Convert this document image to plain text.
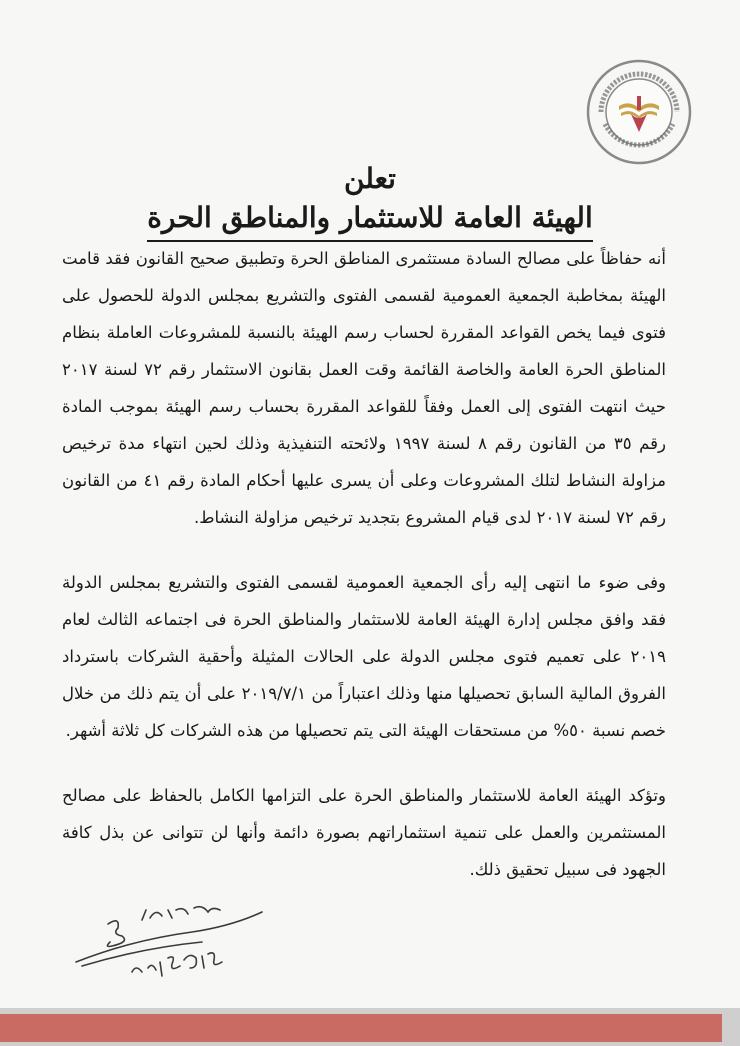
تعلن
الهيئة العامة للاستثمار والمناطق الحرة

أنه حفاظاً على مصالح السادة مستثمرى المناطق الحرة وتطبيق صحيح القانون فقد قامت الهيئة بمخاطبة الجمعية العمومية لقسمى الفتوى والتشريع بمجلس الدولة للحصول على فتوى فيما يخص القواعد المقررة لحساب رسم الهيئة بالنسبة للمشروعات العاملة بنظام المناطق الحرة العامة والخاصة القائمة وقت العمل بقانون الاستثمار رقم ٧٢ لسنة ٢٠١٧ حيث انتهت الفتوى إلى العمل وفقاً للقواعد المقررة بحساب رسم الهيئة بموجب المادة رقم ٣٥ من القانون رقم ٨ لسنة ١٩٩٧ ولائحته التنفيذية وذلك لحين انتهاء مدة ترخيص مزاولة النشاط لتلك المشروعات وعلى أن يسرى عليها أحكام المادة رقم ٤١ من القانون رقم ٧٢ لسنة ٢٠١٧ لدى قيام المشروع بتجديد ترخيص مزاولة النشاط.

وفى ضوء ما انتهى إليه رأى الجمعية العمومية لقسمى الفتوى والتشريع بمجلس الدولة فقد وافق مجلس إدارة الهيئة العامة للاستثمار والمناطق الحرة فى اجتماعه الثالث لعام ٢٠١٩ على تعميم فتوى مجلس الدولة على الحالات المثيلة وأحقية الشركات باسترداد الفروق المالية السابق تحصيلها منها وذلك اعتباراً من ٢٠١٩/٧/١ على أن يتم ذلك من خلال خصم نسبة ٥٠% من مستحقات الهيئة التى يتم تحصيلها من هذه الشركات كل ثلاثة أشهر.

وتؤكد الهيئة العامة للاستثمار والمناطق الحرة على التزامها الكامل بالحفاظ على مصالح المستثمرين والعمل على تنمية استثماراتهم بصورة دائمة وأنها لن تتوانى عن بذل كافة الجهود فى سبيل تحقيق ذلك.
